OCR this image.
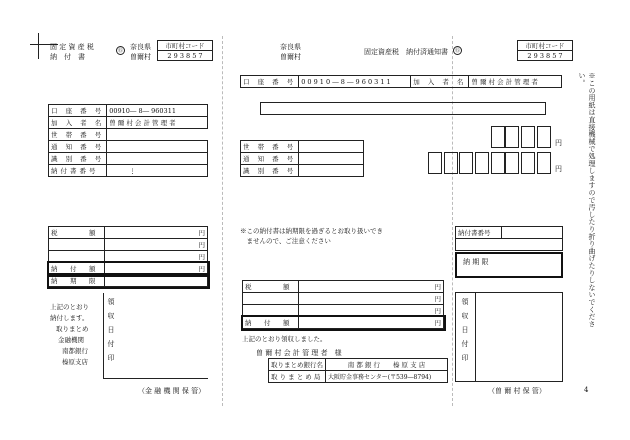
固 定 資 産 税
納　付　書
⑮ 奈良県
曽爾村
市町村コード
2 9 3 8 5 7
口 座 番 号	00910― 8― 960311
加 入 者 名	曽 爾 村 会 計 管 理 者
世 帯 番 号	
通 知 番 号	
識 別 番 号	
納付書番号	⋮
税　　　額	円
	円
	円
納　付　額	円
納　期　限	
上記のとおり
納付します。
取りまとめ
金融機関
南都銀行
榛原支店	領収日付印
（金 融 機 関 保 管）
奈良県
曽爾村
固定資産税　納付済通知書	⑮
口 座 番 号	0 0 9 1 0 ― 8 ― 9 6 0 3 1 1	加 入 者 名	曽 爾 村 会 計 管 理 者
世 帯 番 号	
通 知 番 号	
識 別 番 号	
円
円
※この納付書は納期限を過ぎるとお取り扱いでき
　ませんので、ご注意ください
税　　　額	円
	円
	円
納　付　額	円
上記のとおり領収しました。
曽 爾 村 会 計 管 理 者　様
取りまとめ銀行名	南 都 銀 行　　榛 原 支 店
取 り ま と め 局	大阪貯金事務センター(〒539―8794)
市町村コード
2 9 3 8 5 7
納付書番号	

納 期 限
領収日付印
（曽 爾 村 保 管）	4
※この用紙は直接機械で処理しますので汚したり折り曲げたりしないでください。
